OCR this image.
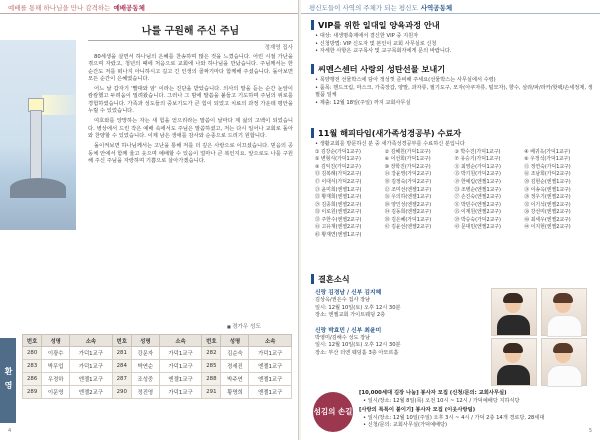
예배를 통해 하나님을 만나 감격하는 예배공동체
나를 구원해 주신 주님
정재영 집사

80세생을 살면서 하나님의 은혜를 찬송하며 많은 것을 느꼈습니다. 어린 시절 가난을 겪으며 자랐고, 청년의 때에 처음으로 교회에 나와 하나님을 만났습니다. 주님께서는 한 순간도 저를 떠나지 아니하시고 길고 긴 인생의 골짜기마다 함께해 주셨습니다. 돌아보면 모든 순간이 은혜였습니다.

어느 날 갑자기 '빨대와 암' 이라는 진단을 받았습니다. 의사의 말을 듣는 순간 눈앞이 캄캄했고 두려움이 밀려왔습니다. 그러나 그 밤에 말씀을 붙들고 기도하며 주님의 위로를 경험하였습니다. 가족과 성도들의 중보기도가 큰 힘이 되었고 치료의 과정 가운데 평안을 누릴 수 있었습니다.

여호와를 앙망하는 자는 새 힘을 얻으리라는 말씀이 날마다 제 삶의 고백이 되었습니다. 병상에서 드린 작은 예배 속에서도 주님은 말씀하셨고, 저는 다시 일어나 교회로 돌아와 찬양할 수 있었습니다. 이제 남은 생애를 감사와 순종으로 드리기 원합니다.

돌이켜보면 하나님께서는 고난을 통해 저를 더 깊은 사랑으로 이끄셨습니다. 믿음의 공동체 안에서 함께 울고 웃으며 예배할 수 있음이 얼마나 큰 복인지요. 앞으로도 나를 구원해 주신 주님을 자랑하며 기쁨으로 살아가겠습니다.

■ 경가우 성도
환영
번호	성명	소속	번호	성명	소속	번호	성명	소속
280	이광수	가덕1교구	281	강문자	가덕1교구	282	김순숙	가덕1교구
283	박무업	가덕1교구	284	박연순	가덕1교구	285	정세진	엔젤1교구
286	우정하	엔젤1교구	287	조성중	엔젤1교구	288	박주연	엔젤1교구
289	이문영	엔젤2교구	290	정진영	가덕1교구	291	황명희	엔젤1교구
4
평신도들이 사역의 주체가 되는 평신도 사역공동체
VIP를 위한 일대일 양육과정 안내
• 대상: 새생명축제에서 결신한 VIP 중 지원자
• 신청방법: VIP 신도자 및 본인이 교회 사무실로 신청
• 자세한 사항은 교구목사 및 교구목회자에게 문의 바랍니다.
씨멘스센터 사랑의 성탄선물 보내기
• 목양행전 선물박스에 담아 정성껏 준비해 주세요(선물박스는 사무실에서 수령)
• 품목: 핸드크림, 마스크, 가죽장갑, 양말, 과자류, 필기도구, 모자(아쿠자류, 털모자), 향수, 삼라/파/라카/핫팩/손세정제, 생필품 일체
• 제출: 12월 18일(주일) 까지 교회사무실
11월 해피타임(새가족성경공부) 수료자
• 생활교회를 방문하신 분 중 새가족성경공부를 수료하신 분입니다
① 김강순(가덕1교구)	② 김혜원(가덕1교구)	③ 박수진(가덕1교구)	④ 배귀옥(가덕1교구)
⑤ 변형식(가덕1교구)	⑥ 이선희(가덕1교구)	⑦ 유승기(가덕1교구)	⑧ 우정석(가덕1교구)
⑨ 김익진(가덕2교구)	⑩ 장학진(가덕2교구)	⑪ 최영순(가덕1교구)	⑫ 정연숙(가덕1교구)
⑬ 김복례(가덕2교구)	⑭ 강윤영(가덕2교구)	⑮ 박기원(가덕2교구)	⑯ 조남희(가덕2교구)
⑰ 이대식(가덕2교구)	⑱ 김정숙(가덕2교구)	⑲ 한예림(엔젤1교구)	⑳ 김현순(엔젤1교구)
㉑ 윤미희(엔젤1교구)	㉒ 조미선(엔젤1교구)	㉓ 조병순(엔젤1교구)	㉔ 이송옥(엔젤1교구)
㉕ 황재희(엔젤1교구)	㉖ 우의하(엔젤1교구)	㉗ 손진숙(엔젤2교구)	㉘ 정우기(엔젤2교구)
㉙ 김종희(엔젤2교구)	㉚ 양인성(엔젤2교구)	㉛ 박민수(엔젤2교구)	㉜ 이기석(엔젤2교구)
㉝ 이로원(엔젤2교구)	㉞ 김동희(엔젤2교구)	㉟ 이계원(엔젤2교구)	㊱ 강선미(엔젤2교구)
㊲ 주한수(엔젤2교구)	㊳ 김은혜(가덕1교구)	㊴ 박승숙(가덕2교구)	㊵ 최세우(엔젤2교구)
㊶ 고유재(엔젤2교구)	㊷ 김윤선(엔젤2교구)	㊸ 문대민(엔젤2교구)	㊹ 이지현(엔젤2교구)
㊺ 황재연(엔젤1교구)
결혼소식
신랑 김경남 / 신부 김지혜
김상옥/권은수 집사 장남
일시: 12월 10일(토) 오후 12시 30분
장소: 엔젤교회 가이트웨딩 2층
신랑 박효민 / 신부 최윤미
박영미/김해수 성도 장남
일시: 12월 10일(토) 오후 12시 30분
장소: 부산 더엔 웨딩홀 3층 아모르홀
섬김의 손길
[10,000세대 김장 나눔] 봉사자 모집 (신청/문의: 교회사무실)
• 일시/장소: 12월 8일(목) 오전 10시 ~ 12시 / 가덕예배당 지하식당
[사랑의 특특이 붙이기] 봉사자 모집 (이웃사랑팀)
• 일시/장소: 12월 10일(주일) 오후 3시 ~ 4시 / 가덕 2층 14개 경로당, 28세대
• 신청/문의: 교회사무실(가덕예배당)
5
